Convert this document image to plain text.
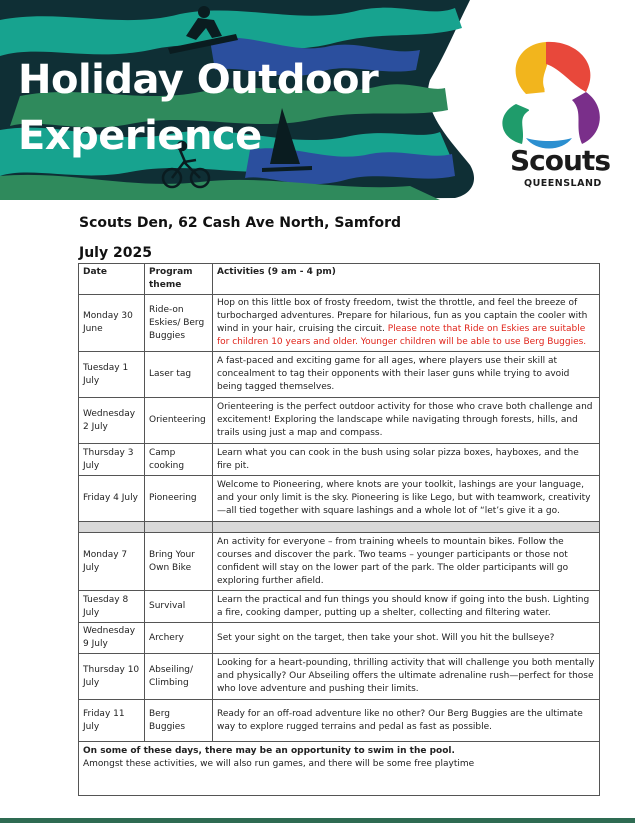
Holiday Outdoor
Experience

Scouts

QUEENSLAND

Scouts Den, 62 Cash Ave North, Samford

July 2025

Date	Program theme	Activities (9 am - 4 pm)
Monday 30 June	Ride-on Eskies/ Berg Buggies	Hop on this little box of frosty freedom, twist the throttle, and feel the breeze of turbocharged adventures. Prepare for hilarious, fun as you captain the cooler with wind in your hair, cruising the circuit. Please note that Ride on Eskies are suitable for children 10 years and older. Younger children will be able to use Berg Buggies.
Tuesday 1 July	Laser tag	A fast-paced and exciting game for all ages, where players use their skill at concealment to tag their opponents with their laser guns while trying to avoid being tagged themselves.
Wednesday 2 July	Orienteering	Orienteering is the perfect outdoor activity for those who crave both challenge and excitement! Exploring the landscape while navigating through forests, hills, and trails using just a map and compass.
Thursday 3 July	Camp cooking	Learn what you can cook in the bush using solar pizza boxes, hayboxes, and the fire pit.
Friday 4 July	Pioneering	Welcome to Pioneering, where knots are your toolkit, lashings are your language, and your only limit is the sky. Pioneering is like Lego, but with teamwork, creativity—all tied together with square lashings and a whole lot of “let’s give it a go.

Monday 7 July	Bring Your Own Bike	An activity for everyone – from training wheels to mountain bikes. Follow the courses and discover the park. Two teams – younger participants or those not confident will stay on the lower part of the park. The older participants will go exploring further afield.
Tuesday 8 July	Survival	Learn the practical and fun things you should know if going into the bush. Lighting a fire, cooking damper, putting up a shelter, collecting and filtering water.
Wednesday 9 July	Archery	Set your sight on the target, then take your shot. Will you hit the bullseye?
Thursday 10 July	Abseiling/ Climbing	Looking for a heart-pounding, thrilling activity that will challenge you both mentally and physically? Our Abseiling offers the ultimate adrenaline rush—perfect for those who love adventure and pushing their limits.
Friday 11 July	Berg Buggies	Ready for an off-road adventure like no other? Our Berg Buggies are the ultimate way to explore rugged terrains and pedal as fast as possible.

On some of these days, there may be an opportunity to swim in the pool.
Amongst these activities, we will also run games, and there will be some free playtime		
